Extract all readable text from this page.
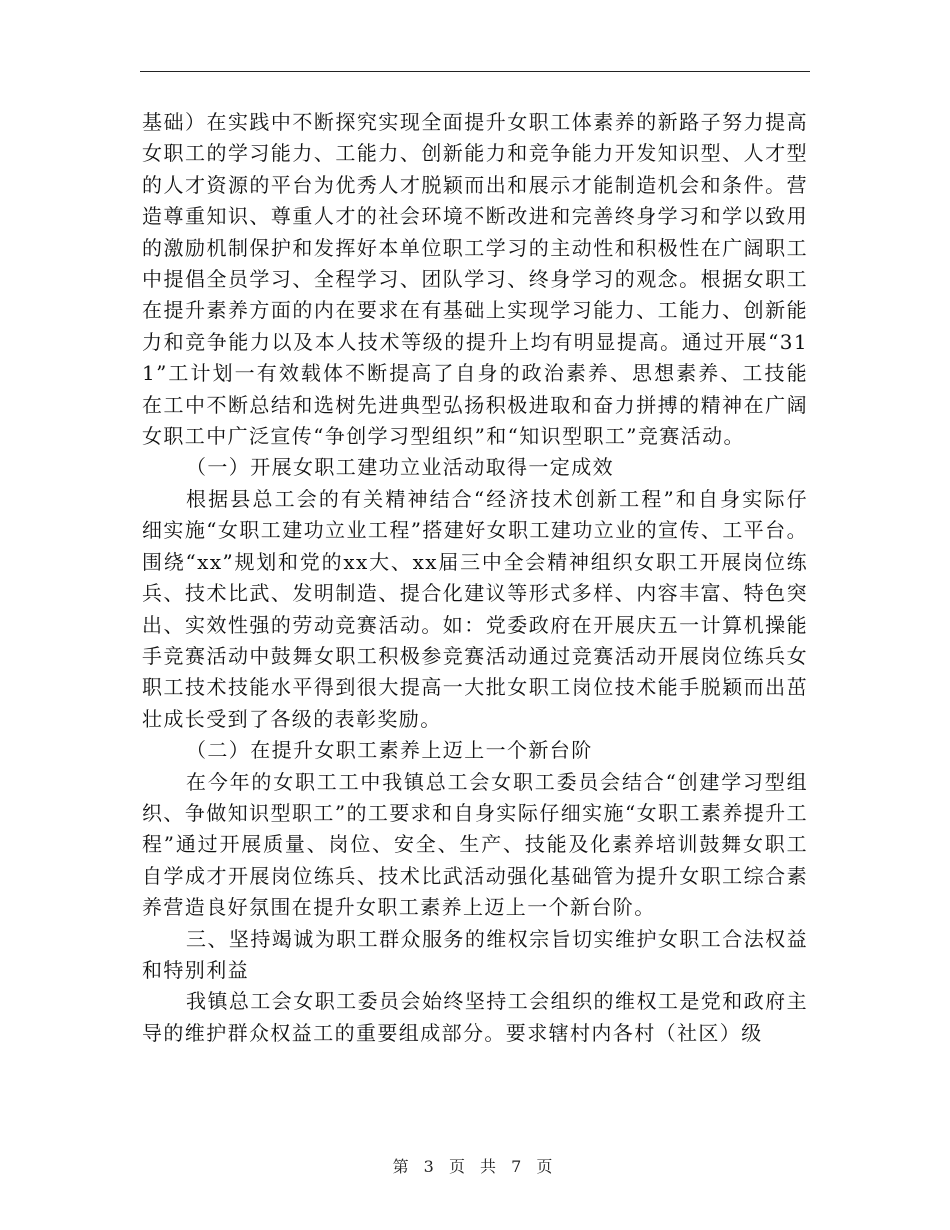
基础）在实践中不断探究实现全面提升女职工体素养的新路子努力提高女职工的学习能力、工能力、创新能力和竞争能力开发知识型、人才型的人才资源的平台为优秀人才脱颖而出和展示才能制造机会和条件。营造尊重知识、尊重人才的社会环境不断改进和完善终身学习和学以致用的激励机制保护和发挥好本单位职工学习的主动性和积极性在广阔职工中提倡全员学习、全程学习、团队学习、终身学习的观念。根据女职工在提升素养方面的内在要求在有基础上实现学习能力、工能力、创新能力和竞争能力以及本人技术等级的提升上均有明显提高。通过开展“311”工计划一有效载体不断提高了自身的政治素养、思想素养、工技能在工中不断总结和选树先进典型弘扬积极进取和奋力拼搏的精神在广阔女职工中广泛宣传“争创学习型组织”和“知识型职工”竞赛活动。

（一）开展女职工建功立业活动取得一定成效

根据县总工会的有关精神结合“经济技术创新工程”和自身实际仔细实施“女职工建功立业工程”搭建好女职工建功立业的宣传、工平台。围绕“xx”规划和党的xx大、xx届三中全会精神组织女职工开展岗位练兵、技术比武、发明制造、提合化建议等形式多样、内容丰富、特色突出、实效性强的劳动竞赛活动。如：党委政府在开展庆五一计算机操能手竞赛活动中鼓舞女职工积极参竞赛活动通过竞赛活动开展岗位练兵女职工技术技能水平得到很大提高一大批女职工岗位技术能手脱颖而出茁壮成长受到了各级的表彰奖励。

（二）在提升女职工素养上迈上一个新台阶

在今年的女职工工中我镇总工会女职工委员会结合“创建学习型组织、争做知识型职工”的工要求和自身实际仔细实施“女职工素养提升工程”通过开展质量、岗位、安全、生产、技能及化素养培训鼓舞女职工自学成才开展岗位练兵、技术比武活动强化基础管为提升女职工综合素养营造良好氛围在提升女职工素养上迈上一个新台阶。

三、坚持竭诚为职工群众服务的维权宗旨切实维护女职工合法权益和特别利益

我镇总工会女职工委员会始终坚持工会组织的维权工是党和政府主导的维护群众权益工的重要组成部分。要求辖村内各村（社区）级

第 3 页 共 7 页
